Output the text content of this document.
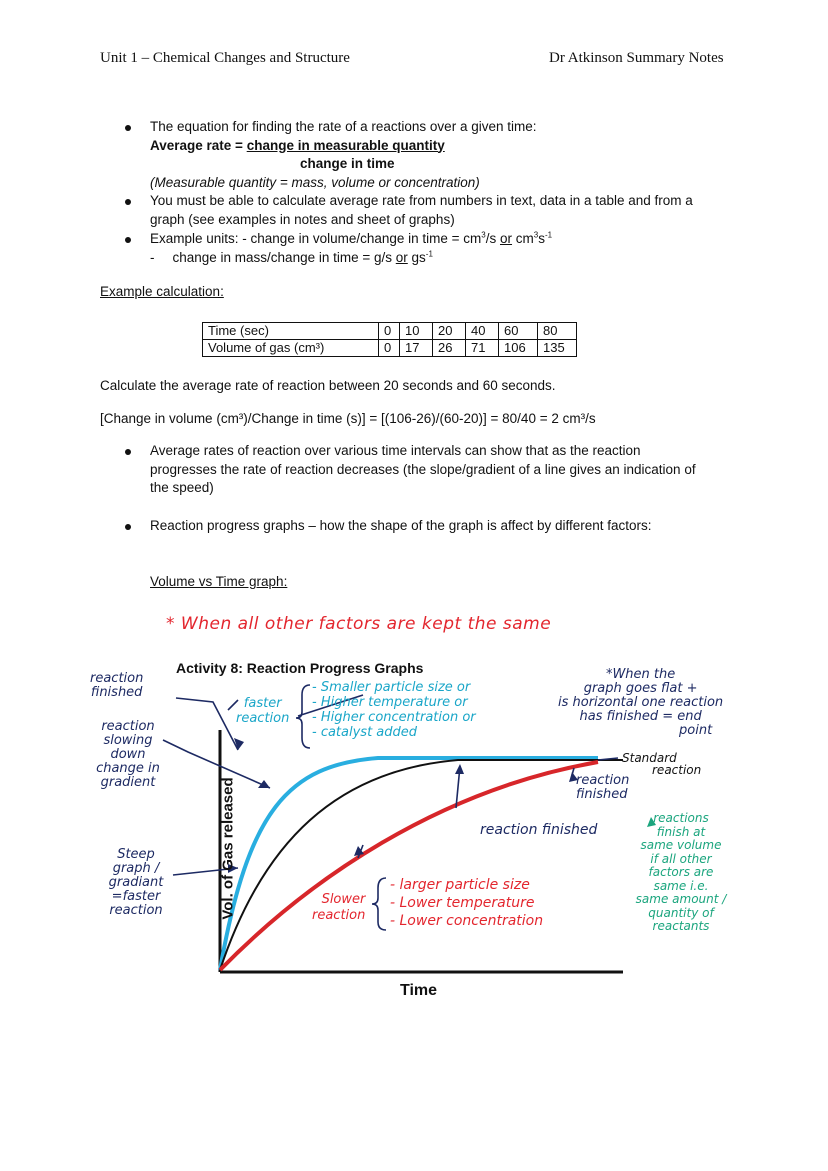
Unit 1 – Chemical Changes and Structure	Dr Atkinson Summary Notes
The equation for finding the rate of a reactions over a given time:
Average rate = change in measurable quantity
change in time
(Measurable quantity = mass, volume or concentration)
You must be able to calculate average rate from numbers in text, data in a table and from a
graph (see examples in notes and sheet of graphs)
Example units: - change in volume/change in time = $cm^3/s$ or $cm^3s^{-1}$
- change in mass/change in time = g/s or $gs^{-1}$
Example calculation:
Time (sec)	0	10	20	40	60	80
Volume of gas (cm³)	0	17	26	71	106	135
Calculate the average rate of reaction between 20 seconds and 60 seconds.
[Change in volume (cm³)/Change in time (s)] = [(106-26)/(60-20)] = 80/40 = 2 cm³/s
Average rates of reaction over various time intervals can show that as the reaction
progresses the rate of reaction decreases (the slope/gradient of a line gives an indication of
the speed)
Reaction progress graphs – how the shape of the graph is affect by different factors:
Volume vs Time graph:
* When all other factors are kept the same
Activity 8: Reaction Progress Graphs
Vol. of Gas released
Time
reaction
finished
reaction
slowing
down
change in
gradient
Steep
graph /
gradiant
=faster
reaction
faster
reaction
- Smaller particle size or
- Higher temperature or
- Higher concentration or
- catalyst added
*When the
graph goes flat +
is horizontal one reaction
has finished = end
point
Standard
reaction
reaction
finished
reaction finished
Slower
reaction
- larger particle size
- Lower temperature
- Lower concentration
reactions
finish at
same volume
if all other
factors are
same i.e.
same amount /
quantity of
reactants
